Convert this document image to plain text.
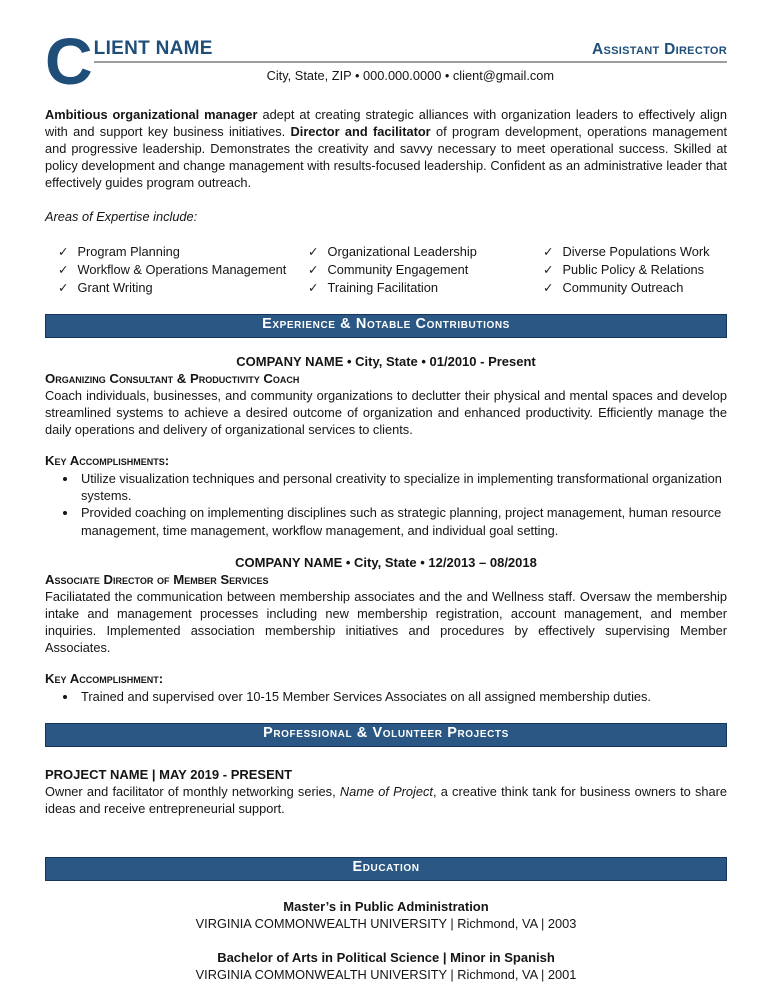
C LIENT NAME	Assistant Director
City, State, ZIP • 000.000.0000 • client@gmail.com

Ambitious organizational manager adept at creating strategic alliances with organization leaders to effectively align with and support key business initiatives. Director and facilitator of program development, operations management and progressive leadership. Demonstrates the creativity and savvy necessary to meet operational success. Skilled at policy development and change management with results-focused leadership. Confident as an administrative leader that effectively guides program outreach.

Areas of Expertise include:

✓ Program Planning
✓ Workflow & Operations Management
✓ Grant Writing
✓ Organizational Leadership
✓ Community Engagement
✓ Training Facilitation
✓ Diverse Populations Work
✓ Public Policy & Relations
✓ Community Outreach
Experience & Notable Contributions
COMPANY NAME • City, State • 01/2010 - Present
Organizing Consultant & Productivity Coach

Coach individuals, businesses, and community organizations to declutter their physical and mental spaces and develop streamlined systems to achieve a desired outcome of organization and enhanced productivity. Efficiently manage the daily operations and delivery of organizational services to clients.

Key Accomplishments:
• Utilize visualization techniques and personal creativity to specialize in implementing transformational organization systems.
• Provided coaching on implementing disciplines such as strategic planning, project management, human resource management, time management, workflow management, and individual goal setting.
COMPANY NAME • City, State • 12/2013 – 08/2018
Associate Director of Member Services

Faciliatated the communication between membership associates and the and Wellness staff. Oversaw the membership intake and management processes including new membership registration, account management, and member inquiries. Implemented association membership initiatives and procedures by effectively supervising Member Associates.

Key Accomplishment:
• Trained and supervised over 10-15 Member Services Associates on all assigned membership duties.
Professional & Volunteer Projects
PROJECT NAME | MAY 2019 - PRESENT

Owner and facilitator of monthly networking series, Name of Project, a creative think tank for business owners to share ideas and receive entrepreneurial support.

Education
Master’s in Public Administration
VIRGINIA COMMONWEALTH UNIVERSITY | Richmond, VA | 2003
Bachelor of Arts in Political Science | Minor in Spanish
VIRGINIA COMMONWEALTH UNIVERSITY | Richmond, VA | 2001
